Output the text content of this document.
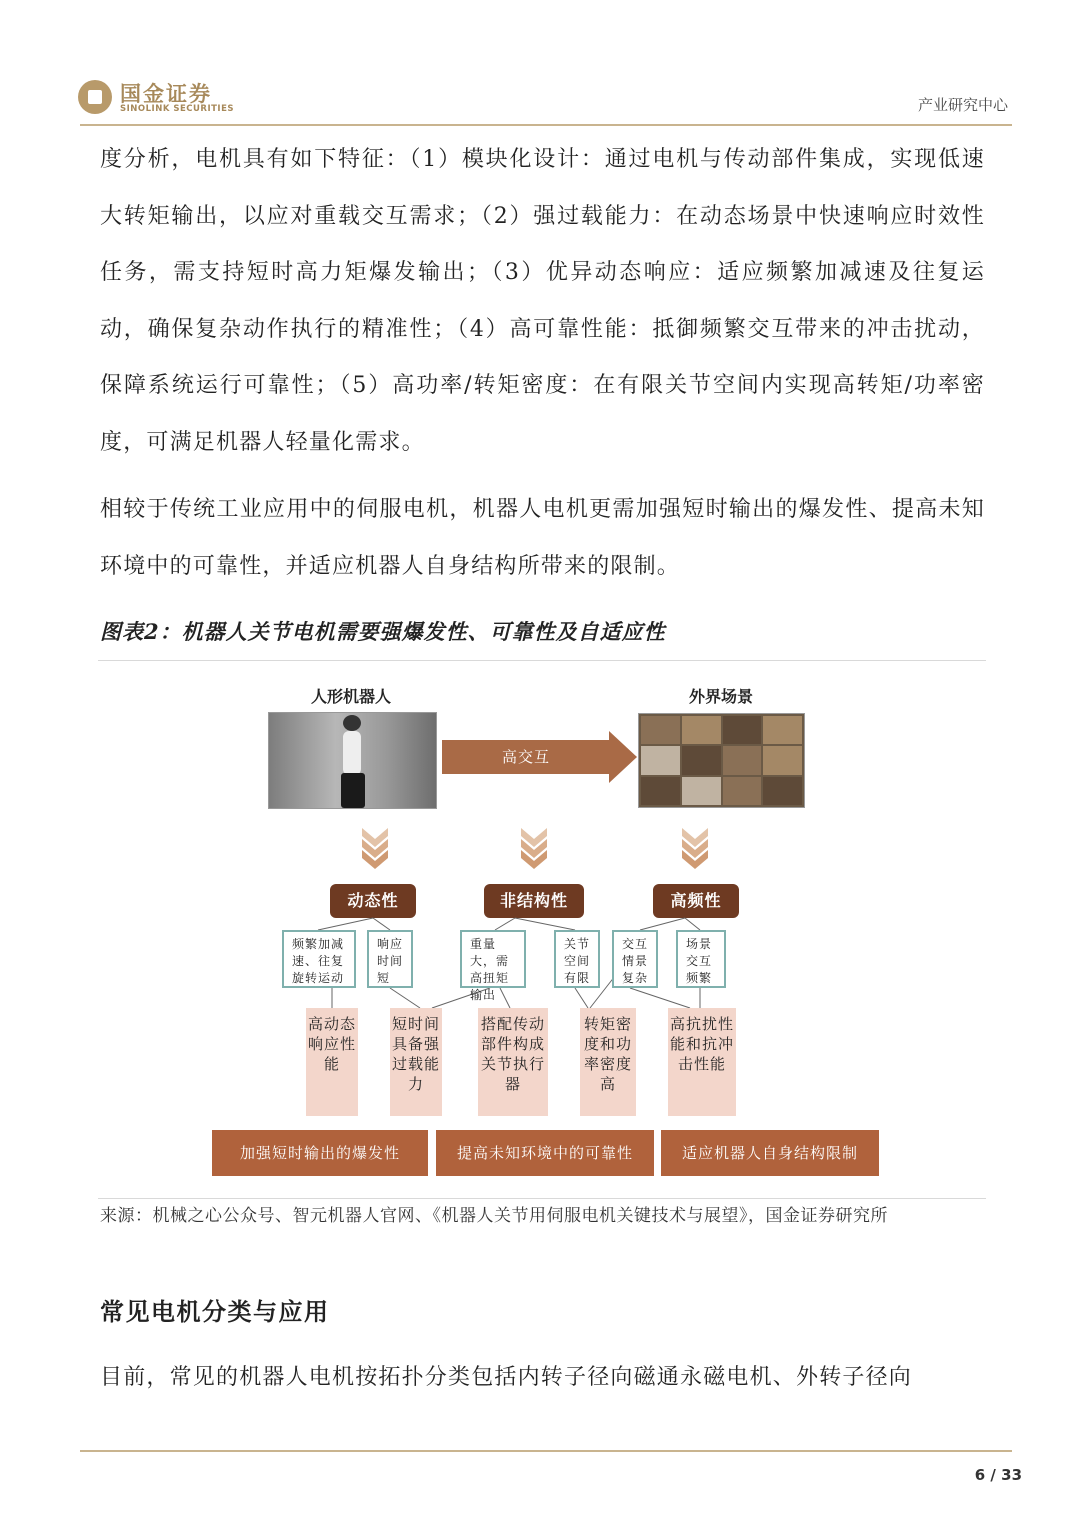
国金证券
SINOLINK SECURITIES	产业研究中心
度分析，电机具有如下特征：（1）模块化设计：通过电机与传动部件集成，实现低速大转矩输出，以应对重载交互需求；（2）强过载能力：在动态场景中快速响应时效性任务，需支持短时高力矩爆发输出；（3）优异动态响应：适应频繁加减速及往复运动，确保复杂动作执行的精准性；（4）高可靠性能：抵御频繁交互带来的冲击扰动，保障系统运行可靠性；（5）高功率/转矩密度：在有限关节空间内实现高转矩/功率密度，可满足机器人轻量化需求。
相较于传统工业应用中的伺服电机，机器人电机更需加强短时输出的爆发性、提高未知环境中的可靠性，并适应机器人自身结构所带来的限制。
图表2：机器人关节电机需要强爆发性、可靠性及自适应性
人形机器人	外界场景
高交互
动态性	非结构性	高频性
频繁加减速、往复旋转运动
响应时间短
重量大，需高扭矩输出
关节空间有限
交互情景复杂
场景交互频繁
高动态响应性能
短时间具备强过载能力
搭配传动部件构成关节执行器
转矩密度和功率密度高
高抗扰性能和抗冲击性能
加强短时输出的爆发性	提高未知环境中的可靠性	适应机器人自身结构限制
来源：机械之心公众号、智元机器人官网、《机器人关节用伺服电机关键技术与展望》，国金证券研究所
常见电机分类与应用
目前，常见的机器人电机按拓扑分类包括内转子径向磁通永磁电机、外转子径向
6 / 33
